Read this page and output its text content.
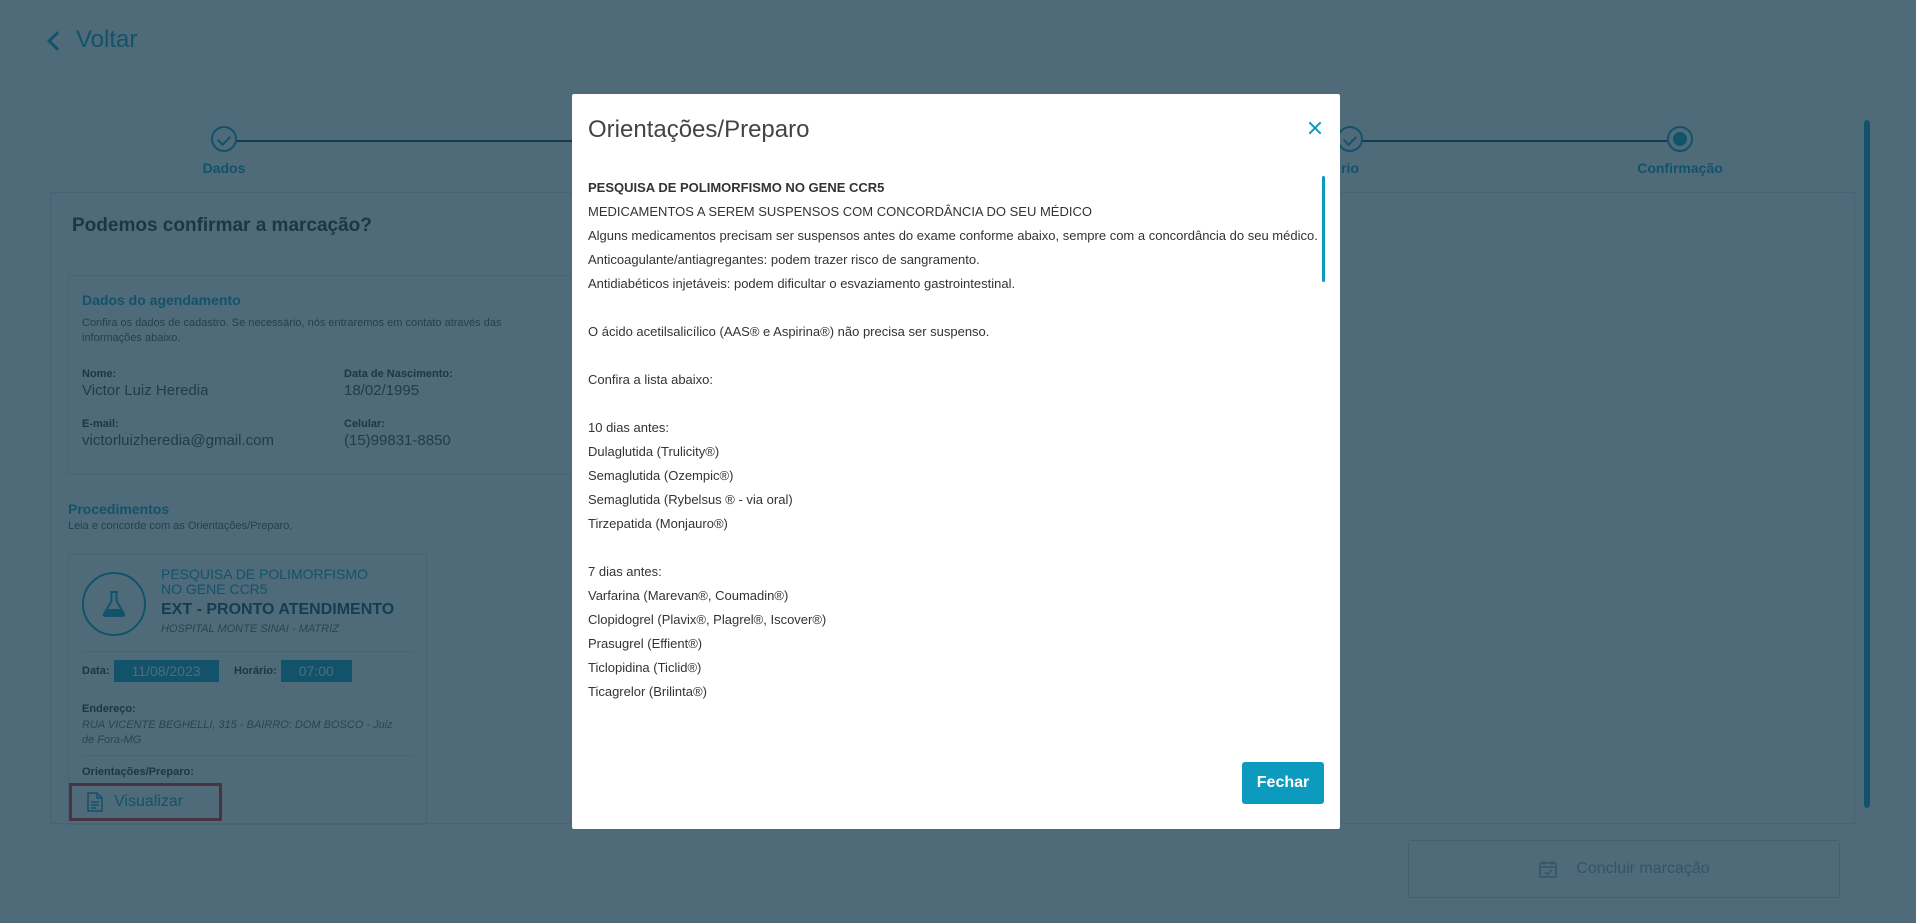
Orientações/Preparo
PESQUISA DE POLIMORFISMO NO GENE CCR5
MEDICAMENTOS A SEREM SUSPENSOS COM CONCORDÂNCIA DO SEU MÉDICO
Alguns medicamentos precisam ser suspensos antes do exame conforme abaixo, sempre com a concordância do seu médico.
Anticoagulante/antiagregantes: podem trazer risco de sangramento.
Antidiabéticos injetáveis: podem dificultar o esvaziamento gastrointestinal.
O ácido acetilsalicílico (AAS® e Aspirina®) não precisa ser suspenso.
Confira a lista abaixo:
10 dias antes:
Dulaglutida (Trulicity®)
Semaglutida (Ozempic®)
Semaglutida (Rybelsus ® - via oral)
Tirzepatida (Monjauro®)
7 dias antes:
Varfarina (Marevan®, Coumadin®)
Clopidogrel (Plavix®, Plagrel®, Iscover®)
Prasugrel (Effient®)
Ticlopidina (Ticlid®)
Ticagrelor (Brilinta®)
Fechar
